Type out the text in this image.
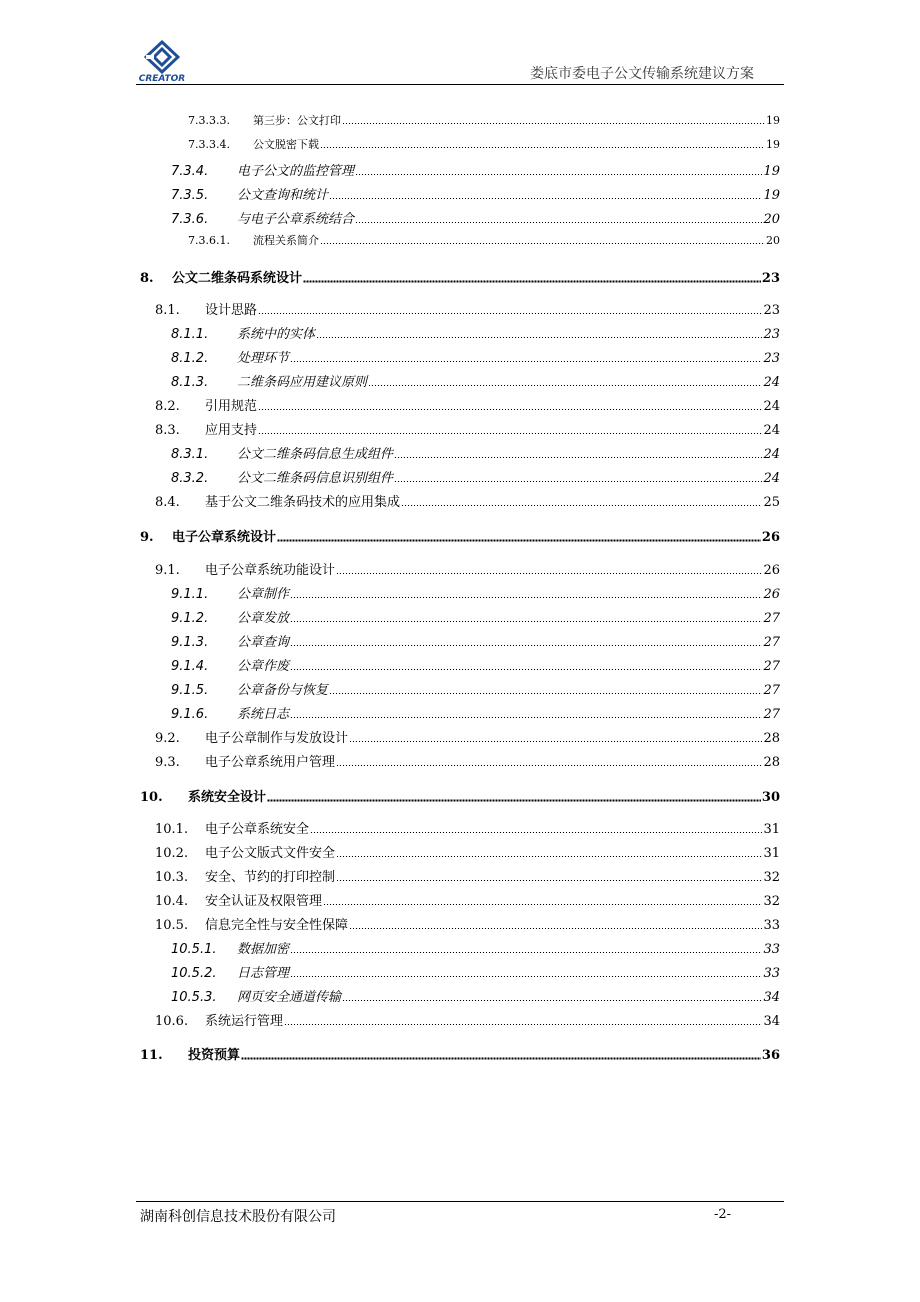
CREATOR	娄底市委电子公文传输系统建议方案
7.3.3.3.	第三步：公文打印	19
7.3.3.4.	公文脱密下载	19
7.3.4.	电子公文的监控管理	19
7.3.5.	公文查询和统计	19
7.3.6.	与电子公章系统结合	20
7.3.6.1.	流程关系简介	20
8.	公文二维条码系统设计	23
8.1.	设计思路	23
8.1.1.	系统中的实体	23
8.1.2.	处理环节	23
8.1.3.	二维条码应用建议原则	24
8.2.	引用规范	24
8.3.	应用支持	24
8.3.1.	公文二维条码信息生成组件	24
8.3.2.	公文二维条码信息识别组件	24
8.4.	基于公文二维条码技术的应用集成	25
9.	电子公章系统设计	26
9.1.	电子公章系统功能设计	26
9.1.1.	公章制作	26
9.1.2.	公章发放	27
9.1.3.	公章查询	27
9.1.4.	公章作废	27
9.1.5.	公章备份与恢复	27
9.1.6.	系统日志	27
9.2.	电子公章制作与发放设计	28
9.3.	电子公章系统用户管理	28
10.	系统安全设计	30
10.1.	电子公章系统安全	31
10.2.	电子公文版式文件安全	31
10.3.	安全、节约的打印控制	32
10.4.	安全认证及权限管理	32
10.5.	信息完全性与安全性保障	33
10.5.1.	数据加密	33
10.5.2.	日志管理	33
10.5.3.	网页安全通道传输	34
10.6.	系统运行管理	34
11.	投资预算	36
湖南科创信息技术股份有限公司	-2-
